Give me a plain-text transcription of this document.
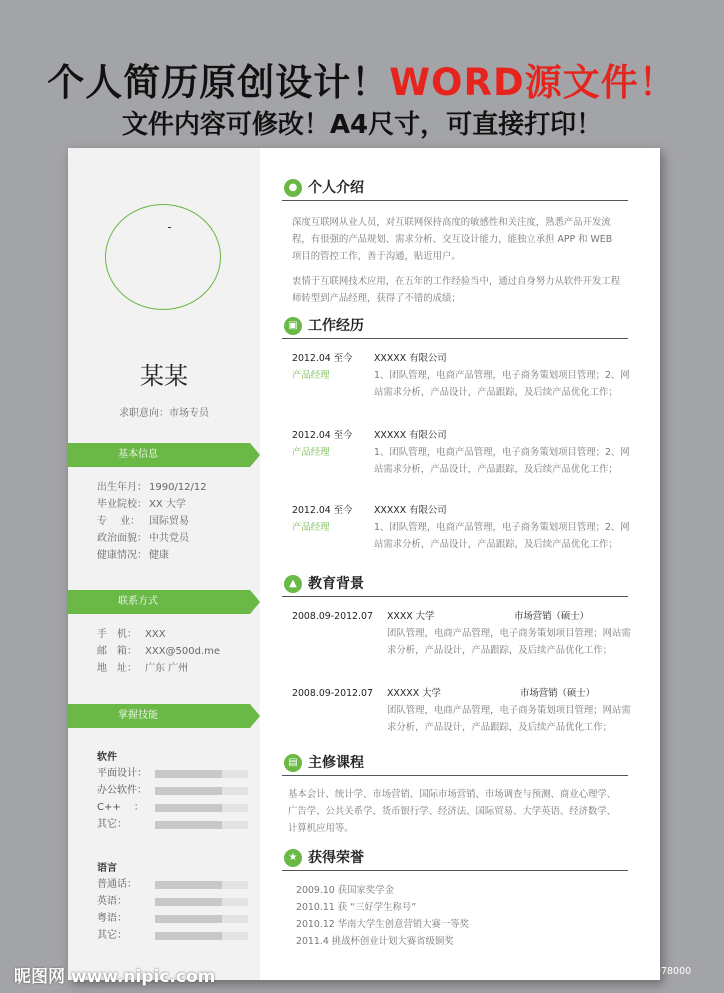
个人简历原创设计！WORD源文件！
文件内容可修改！A4尺寸，可直接打印！
某某
求职意向：市场专员
基本信息
出生年月： 1990/12/12
毕业院校： XX 大学
专　 业： 国际贸易
政治面貌： 中共党员
健康情况： 健康
联系方式
手　机： XXX
邮　箱： XXX@500d.me
地　址： 广东 广州
掌握技能
软件
平面设计：
办公软件：
C++　 ：
其它：
语言
普通话：
英语：
粤语：
其它：
● 个人介绍
深度互联网从业人员，对互联网保持高度的敏感性和关注度，熟悉产品开发流程，有很强的产品规划、需求分析、交互设计能力，能独立承担 APP 和 WEB 项目的管控工作，善于沟通，贴近用户。
衷情于互联网技术应用，在五年的工作经验当中，通过自身努力从软件开发工程师转型到产品经理，获得了不错的成绩；
▣ 工作经历
2012.04 至今
产品经理
XXXXX 有限公司
1、团队管理，电商产品管理，电子商务策划项目管理；2、网站需求分析，产品设计，产品跟踪，及后续产品优化工作；
2012.04 至今
产品经理
XXXXX 有限公司
1、团队管理，电商产品管理，电子商务策划项目管理；2、网站需求分析，产品设计，产品跟踪，及后续产品优化工作；
2012.04 至今
产品经理
XXXXX 有限公司
1、团队管理，电商产品管理，电子商务策划项目管理；2、网站需求分析，产品设计，产品跟踪，及后续产品优化工作；
▲ 教育背景
2008.09-2012.07 XXXX 大学	市场营销（硕士）
团队管理，电商产品管理，电子商务策划项目管理；网站需求分析，产品设计，产品跟踪，及后续产品优化工作；
2008.09-2012.07 XXXXX 大学	市场营销（硕士）
团队管理，电商产品管理，电子商务策划项目管理；网站需求分析，产品设计，产品跟踪，及后续产品优化工作；
▤ 主修课程
基本会计、统计学、市场营销、国际市场营销、市场调查与预测、商业心理学、广告学、公共关系学、货币银行学、经济法、国际贸易、大学英语、经济数学、计算机应用等。
★ 获得荣誉
2009.10 获国家奖学金
2010.11 获 “三好学生称号”
2010.12 华南大学生创意营销大赛一等奖
2011.4 挑战杯创业计划大赛省级铜奖
昵图网 www.nipic.com	ID:23046502 NO:20200722140418078000
